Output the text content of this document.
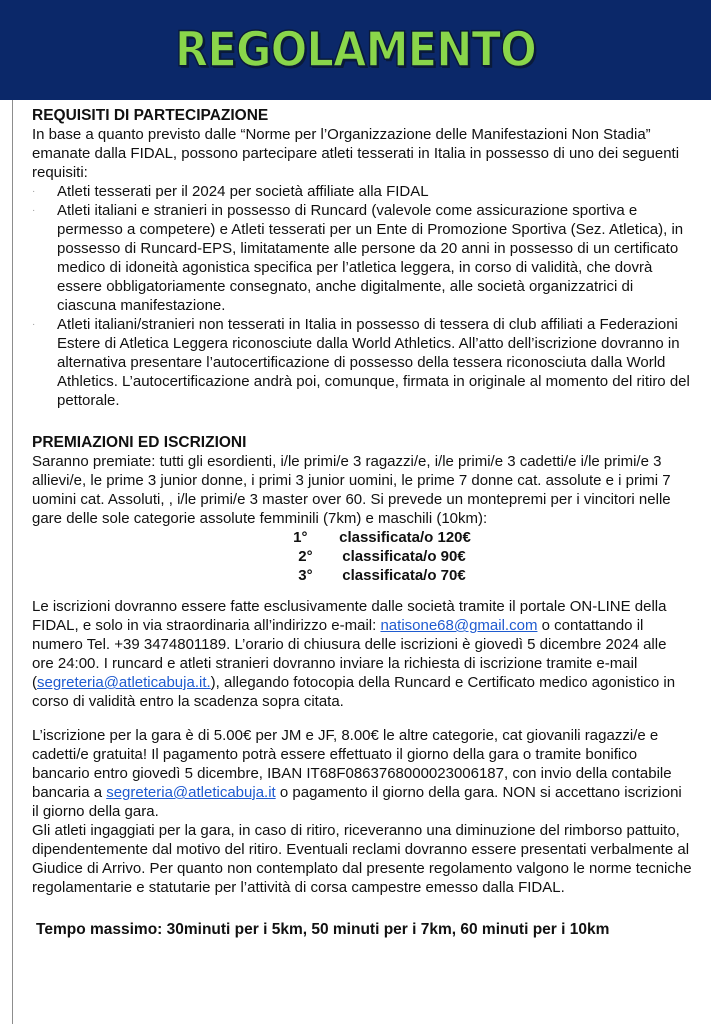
REGOLAMENTO
REQUISITI DI PARTECIPAZIONE

In base a quanto previsto dalle “Norme per l’Organizzazione delle Manifestazioni Non Stadia” emanate dalla FIDAL, possono partecipare atleti tesserati in Italia in possesso di uno dei seguenti requisiti:

· Atleti tesserati per il 2024 per società affiliate alla FIDAL
· Atleti italiani e stranieri in possesso di Runcard (valevole come assicurazione sportiva e permesso a competere) e Atleti tesserati per un Ente di Promozione Sportiva (Sez. Atletica), in possesso di Runcard-EPS, limitatamente alle persone da 20 anni in possesso di un certificato medico di idoneità agonistica specifica per l’atletica leggera, in corso di validità, che dovrà essere obbligatoriamente consegnato, anche digitalmente, alle società organizzatrici di ciascuna manifestazione.
· Atleti italiani/stranieri non tesserati in Italia in possesso di tessera di club affiliati a Federazioni Estere di Atletica Leggera riconosciute dalla World Athletics. All’atto dell’iscrizione dovranno in alternativa presentare l’autocertificazione di possesso della tessera riconosciuta dalla World Athletics. L’autocertificazione andrà poi, comunque, firmata in originale al momento del ritiro del pettorale.
PREMIAZIONI ED ISCRIZIONI

Saranno premiate: tutti gli esordienti, i/le primi/e 3 ragazzi/e, i/le primi/e 3 cadetti/e i/le primi/e 3 allievi/e, le prime 3 junior donne, i primi 3 junior uomini, le prime 7 donne cat. assolute e i primi 7 uomini cat. Assoluti, , i/le primi/e 3 master over 60. Si prevede un montepremi per i vincitori nelle gare delle sole categorie assolute femminili (7km) e maschili (10km):

1°	classificata/o 120€
2°	classificata/o 90€
3°	classificata/o 70€

Le iscrizioni dovranno essere fatte esclusivamente dalle società tramite il portale ON-LINE della FIDAL, e solo in via straordinaria all’indirizzo e-mail: natisone68@gmail.com o contattando il numero Tel. +39 3474801189. L’orario di chiusura delle iscrizioni è giovedì 5 dicembre 2024 alle ore 24:00. I runcard e atleti stranieri dovranno inviare la richiesta di iscrizione tramite e-mail (segreteria@atleticabuja.it.), allegando fotocopia della Runcard e Certificato medico agonistico in corso di validità entro la scadenza sopra citata.

L’iscrizione per la gara è di 5.00€ per JM e JF, 8.00€ le altre categorie, cat giovanili ragazzi/e e cadetti/e gratuita! Il pagamento potrà essere effettuato il giorno della gara o tramite bonifico bancario entro giovedì 5 dicembre, IBAN IT68F0863768000023006187, con invio della contabile bancaria a segreteria@atleticabuja.it o pagamento il giorno della gara. NON si accettano iscrizioni il giorno della gara.

Gli atleti ingaggiati per la gara, in caso di ritiro, riceveranno una diminuzione del rimborso pattuito, dipendentemente dal motivo del ritiro. Eventuali reclami dovranno essere presentati verbalmente al Giudice di Arrivo. Per quanto non contemplato dal presente regolamento valgono le norme tecniche regolamentarie e statutarie per l’attività di corsa campestre emesso dalla FIDAL.

Tempo massimo: 30minuti per i 5km, 50 minuti per i 7km, 60 minuti per i 10km
